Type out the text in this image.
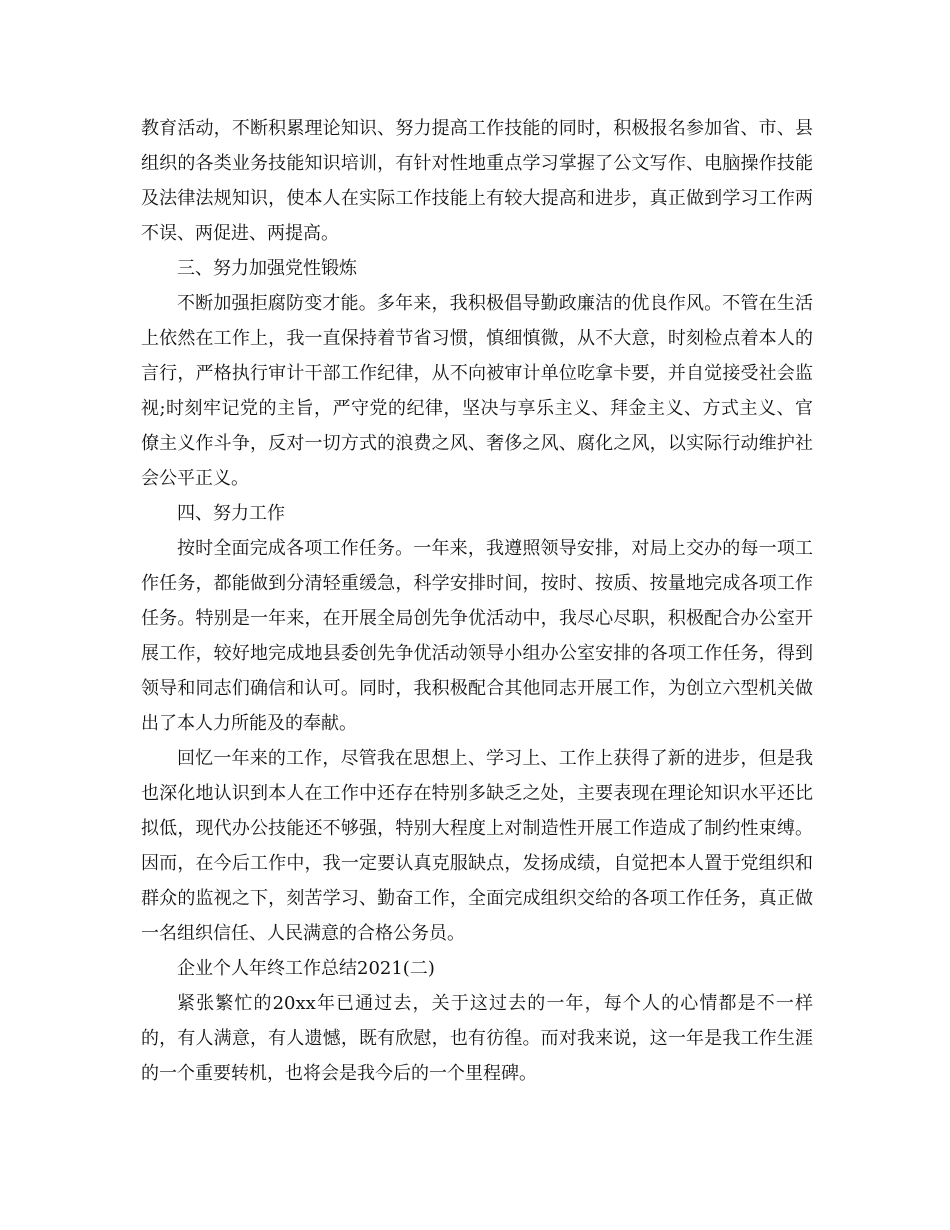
教育活动，不断积累理论知识、努力提高工作技能的同时，积极报名参加省、市、县组织的各类业务技能知识培训，有针对性地重点学习掌握了公文写作、电脑操作技能及法律法规知识，使本人在实际工作技能上有较大提高和进步，真正做到学习工作两不误、两促进、两提高。

三、努力加强党性锻炼

不断加强拒腐防变才能。多年来，我积极倡导勤政廉洁的优良作风。不管在生活上依然在工作上，我一直保持着节省习惯，慎细慎微，从不大意，时刻检点着本人的言行，严格执行审计干部工作纪律，从不向被审计单位吃拿卡要，并自觉接受社会监视;时刻牢记党的主旨，严守党的纪律，坚决与享乐主义、拜金主义、方式主义、官僚主义作斗争，反对一切方式的浪费之风、奢侈之风、腐化之风，以实际行动维护社会公平正义。

四、努力工作

按时全面完成各项工作任务。一年来，我遵照领导安排，对局上交办的每一项工作任务，都能做到分清轻重缓急，科学安排时间，按时、按质、按量地完成各项工作任务。特别是一年来，在开展全局创先争优活动中，我尽心尽职，积极配合办公室开展工作，较好地完成地县委创先争优活动领导小组办公室安排的各项工作任务，得到领导和同志们确信和认可。同时，我积极配合其他同志开展工作，为创立六型机关做出了本人力所能及的奉献。

回忆一年来的工作，尽管我在思想上、学习上、工作上获得了新的进步，但是我也深化地认识到本人在工作中还存在特别多缺乏之处，主要表现在理论知识水平还比拟低，现代办公技能还不够强，特别大程度上对制造性开展工作造成了制约性束缚。因而，在今后工作中，我一定要认真克服缺点，发扬成绩，自觉把本人置于党组织和群众的监视之下，刻苦学习、勤奋工作，全面完成组织交给的各项工作任务，真正做一名组织信任、人民满意的合格公务员。

企业个人年终工作总结2021(二)

紧张繁忙的20xx年已通过去，关于这过去的一年，每个人的心情都是不一样的，有人满意，有人遗憾，既有欣慰，也有彷徨。而对我来说，这一年是我工作生涯的一个重要转机，也将会是我今后的一个里程碑。
